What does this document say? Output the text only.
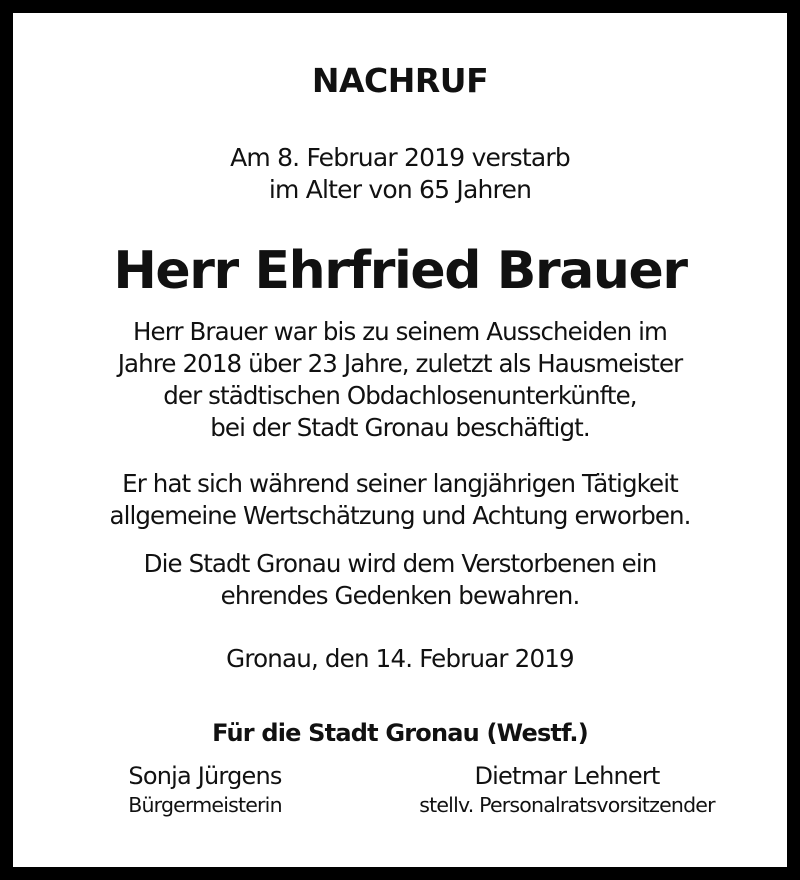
NACHRUF
Am 8. Februar 2019 verstarb
im Alter von 65 Jahren
Herr Ehrfried Brauer
Herr Brauer war bis zu seinem Ausscheiden im
Jahre 2018 über 23 Jahre, zuletzt als Hausmeister
der städtischen Obdachlosenunterkünfte,
bei der Stadt Gronau beschäftigt.
Er hat sich während seiner langjährigen Tätigkeit
allgemeine Wertschätzung und Achtung erworben.
Die Stadt Gronau wird dem Verstorbenen ein
ehrendes Gedenken bewahren.
Gronau, den 14. Februar 2019
Für die Stadt Gronau (Westf.)
Sonja Jürgens
Bürgermeisterin
Dietmar Lehnert
stellv. Personalratsvorsitzender
